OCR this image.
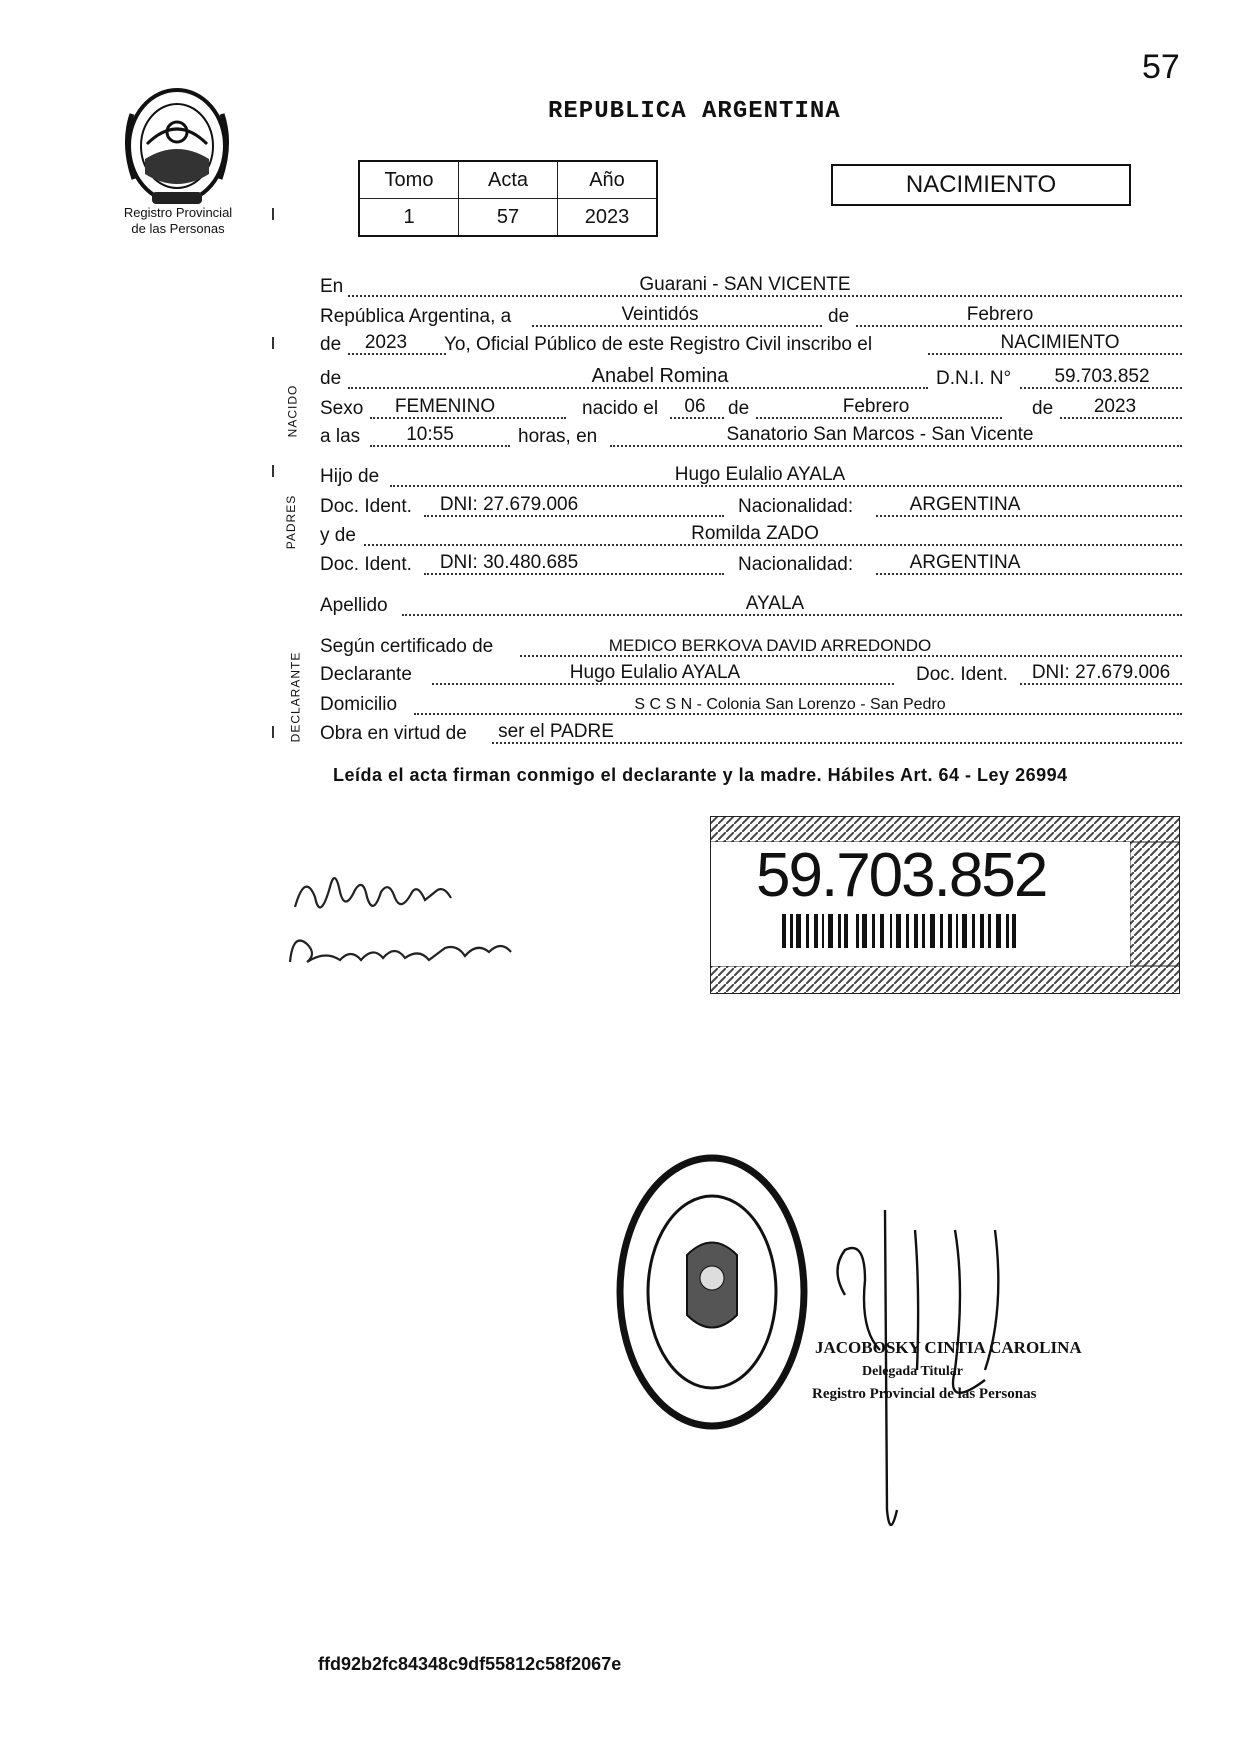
57
Registro Provincial
de las Personas
REPUBLICA ARGENTINA
Tomo	Acta	Año
1	57	2023
NACIMIENTO
NACIDO
PADRES
DECLARANTE
En	Guarani - SAN VICENTE
República Argentina, a	Veintidós	de	Febrero
de	2023	Yo, Oficial Público de este Registro Civil inscribo el	NACIMIENTO
de	Anabel Romina	D.N.I. N°	59.703.852
Sexo	FEMENINO	nacido el	06	de	Febrero	de	2023
a las	10:55	horas, en	Sanatorio San Marcos - San Vicente
Hijo de	Hugo Eulalio AYALA
Doc. Ident.	DNI: 27.679.006	Nacionalidad:	ARGENTINA
y de	Romilda ZADO
Doc. Ident.	DNI: 30.480.685	Nacionalidad:	ARGENTINA
Apellido	AYALA
Según certificado de	MEDICO BERKOVA DAVID ARREDONDO
Declarante	Hugo Eulalio AYALA	Doc. Ident.	DNI: 27.679.006
Domicilio	S C S N - Colonia San Lorenzo - San Pedro
Obra en virtud de ser el PADRE
Leída el acta firman conmigo el declarante y la madre. Hábiles Art. 64 - Ley 26994
59.703.852
JACOBOSKY CINTIA CAROLINA
Delegada Titular
Registro Provincial de las Personas
ffd92b2fc84348c9df55812c58f2067e
